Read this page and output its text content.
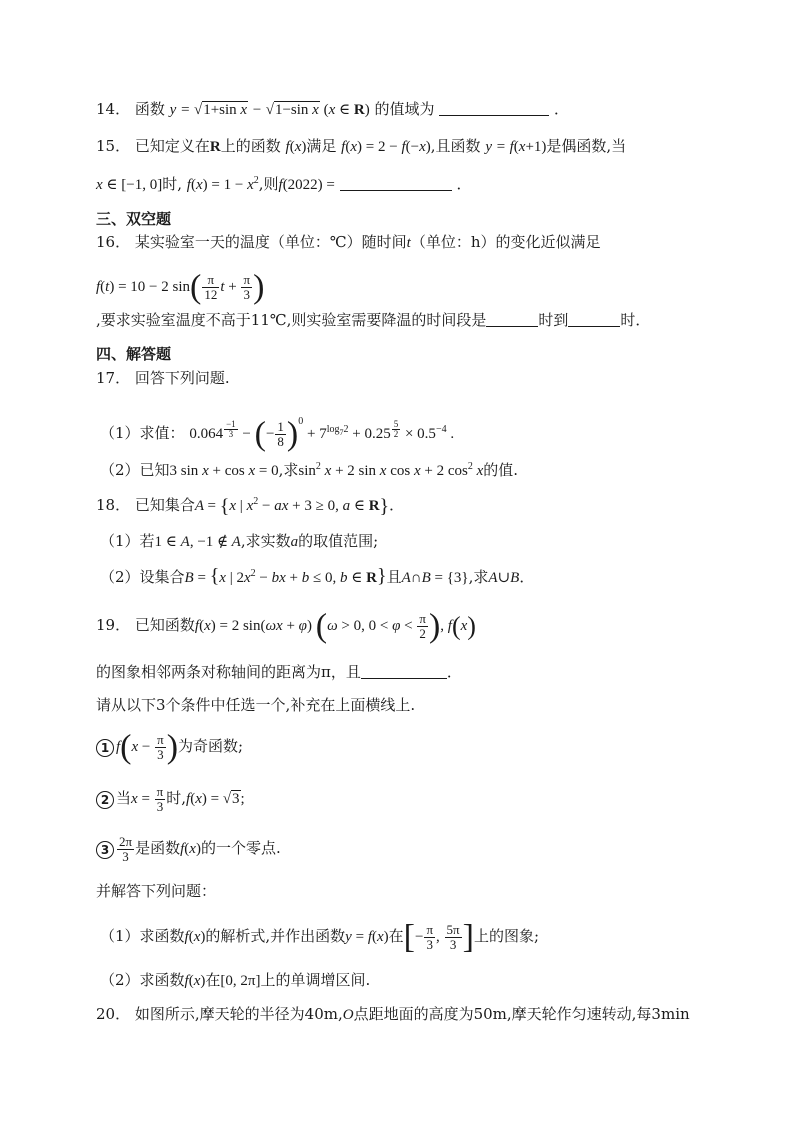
14． 函数 y = √1+sin x − √1−sin x (x ∈ R) 的值域为	．
15． 已知定义在R上的函数 f(x)满足 f(x) = 2 − f(−x),且函数 y = f(x+1)是偶函数,当
x ∈ [−1, 0]时, $f(x) = 1 - x^2$,则f(2022) =	．
三、双空题
16． 某实验室一天的温度（单位：℃）随时间t（单位：h）的变化近似满足
f(t) = 10 − 2 $\sin( \frac{\pi}{12}$ $t + \frac{\pi}{3}$ )
,要求实验室温度不高于11℃,则实验室需要降温的时间段是	时到	时．
四、解答题
17． 回答下列问题.
（1）求值： 0.064 $^{\frac{-1}{3}}$ − (− $\frac{1}{8} )^0 + 7^{log_72} + 0.25$ $^{\frac{5}{2}} \times 0.5^{-4}$ .
（2）已知3 sin x + cos x = 0,求$\sin^2 x + 2$ sin x cos x + 2 $\cos^2 x$的值.
18． 已知集合A = {x | $x^2$ − ax + 3 ≥ 0, a ∈ R}．
（1）若1 ∈ A, −1 ∉ A,求实数a的取值范围;
（2）设集合B = {x | $2x^2$ − bx + b ≤ 0, b ∈ R}且A∩B = {3},求A∪B．
19． 已知函数f(x) = 2 sin(ωx + φ) (ω > 0, $0 < \varphi < \frac{\pi}{2}$ ), f(x)
的图象相邻两条对称轴间的距离为π，且	．
请从以下3个条件中任选一个,补充在上面横线上.
1 $f(x - \frac{\pi}{3}$ )为奇函数;
2 当$x = \frac{\pi}{3}$ 时,f(x) = √3;
$3 \frac{2\pi}{3}$ 是函数f(x)的一个零点.
并解答下列问题：
（1）求函数f(x)的解析式,并作出函数y = f(x)在[− $\frac{\pi}{3}$ , $\frac{5\pi}{3}$ ]上的图象;
（2）求函数f(x)在[0, 2π]上的单调增区间.
20． 如图所示,摩天轮的半径为40m,O点距地面的高度为50m,摩天轮作匀速转动,每3min
